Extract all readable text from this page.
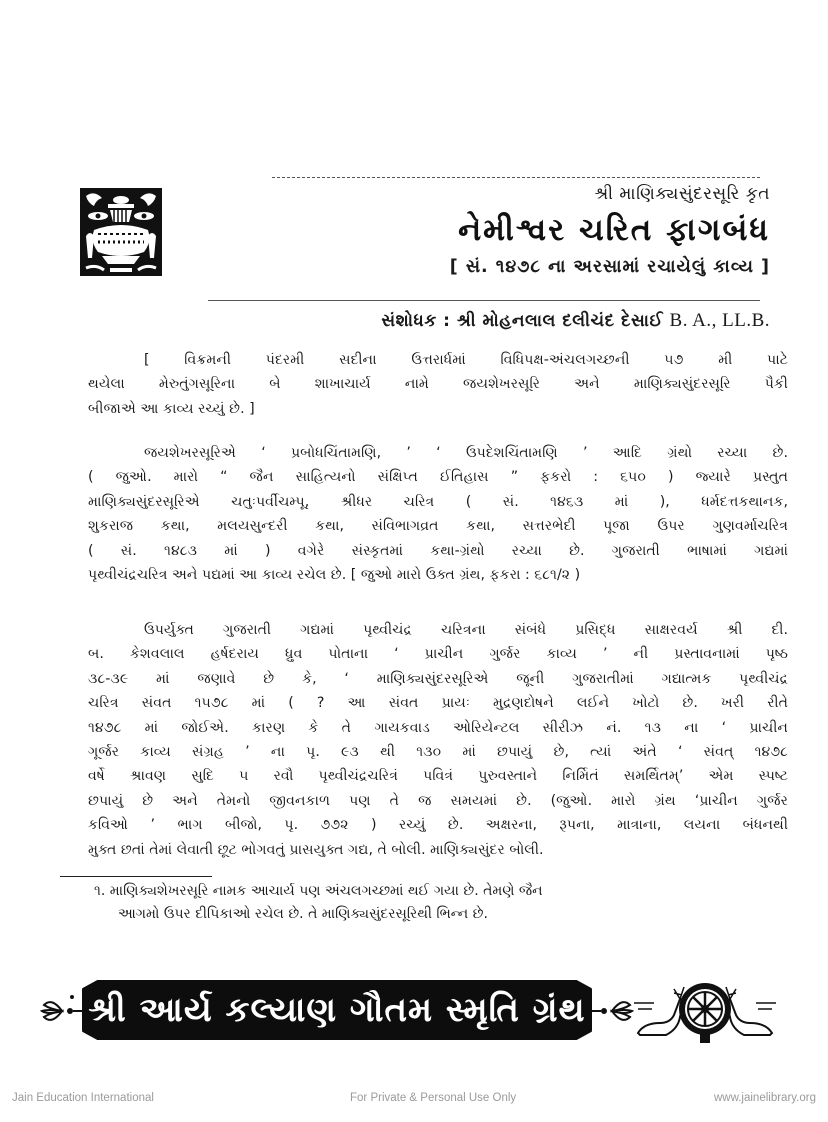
શ્રી માણિક્યસુંદરસૂરિ કૃત
નેમીશ્વર ચરિત ફાગબંધ
[ સં. ૧૪૭૮ ના અરસામાં રચાયેલું કાવ્ય ]
સંશોધક : શ્રી મોહનલાલ દલીચંદ દેસાઈ B. A., LL.B.
[ વિક્રમની પંદરમી સદીના ઉત્તરાર્ધમાં વિધિપક્ષ-અંચલગચ્છની ૫૭ મી પાટે
થયેલા મેરુતુંગસૂરિના બે શાખાચાર્ય નામે જયશેખરસૂરિ અને માણિક્યસુંદરસૂરિ પૈકી
બીજાએ આ કાવ્ય રચ્યું છે. ]
જયશેખરસૂરિએ ‘ પ્રબોધચિંતામણિ, ’ ‘ ઉપદેશચિંતામણિ ’ આદિ ગ્રંથો રચ્યા છે.
( જુઓ. મારો “ જૈન સાહિત્યનો સંક્ષિપ્ત ઈતિહાસ ” ફકરો : ૬૫૦ ) જ્યારે પ્રસ્તુત
માણિક્યસુંદરસૂરિએ ચતુઃપર્વીચમ્પૂ, શ્રીધર ચરિત્ર ( સં. ૧૪૬૩ માં ), ધર્મદત્તકથાનક,
શુકરાજ કથા, મલયસુન્દરી કથા, સંવિભાગવ્રત કથા, સત્તરભેદી પૂજા ઉપર ગુણવર્માચરિત્ર
( સં. ૧૪૮૩ માં ) વગેરે સંસ્કૃતમાં કથા-ગ્રંથો રચ્યા છે. ગુજરાતી ભાષામાં ગદ્યમાં
પૃથ્વીચંદ્રચરિત્ર અને પદ્યમાં આ કાવ્ય રચેલ છે. [ જુઓ મારો ઉક્ત ગ્રંથ, ફકરા : ૬૮૧/૨ )
ઉપર્યુક્ત ગુજરાતી ગદ્યમાં પૃથ્વીચંદ્ર ચરિત્રના સંબંધે પ્રસિદ્ધ સાક્ષરવર્ય શ્રી દી.
બ. કેશવલાલ હર્ષદરાય ધ્રુવ પોતાના ‘ પ્રાચીન ગુર્જર કાવ્ય ’ ની પ્રસ્તાવનામાં પૃષ્ઠ
૩૮-૩૯ માં જણાવે છે કે, ‘ માણિક્યસુંદરસૂરિએ જૂની ગુજરાતીમાં ગદ્યાત્મક પૃથ્વીચંદ્ર
ચરિત્ર સંવત ૧૫૭૮ માં ( ? આ સંવત પ્રાયઃ મુદ્રણદોષને લઈને ખોટો છે. ખરી રીતે
૧૪૭૮ માં જોઈએ. કારણ કે તે ગાયકવાડ ઓરિયેન્ટલ સીરીઝ નં. ૧૩ ના ‘ પ્રાચીન
ગૂર્જર કાવ્ય સંગ્રહ ’ ના પૃ. ૯૩ થી ૧૩૦ માં છપાયું છે, ત્યાં અંતે ‘ સંવત્ ૧૪૭૮
વર્ષે શ્રાવણ સુદિ ૫ રવૌ પૃથ્વીચંદ્રચરિત્રં પવિત્રં પુરુવસ્તાને નિર્મિતં સમર્થિતમ્’ એમ સ્પષ્ટ
છપાયું છે અને તેમનો જીવનકાળ પણ તે જ સમયમાં છે. (જુઓ. મારો ગ્રંથ ‘પ્રાચીન ગુર્જર
કવિઓ ’ ભાગ બીજો, પૃ. ૭૭૨ ) રચ્યું છે. અક્ષરના, રૂપના, માત્રાના, લયના બંધનથી
મુક્ત છતાં તેમાં લેવાતી છૂટ ભોગવતું પ્રાસયુક્ત ગદ્ય, તે બોલી. માણિક્યસુંદર બોલી.
૧. માણિક્યશેખરસૂરિ નામક આચાર્ય પણ અંચલગચ્છમાં થઈ ગયા છે. તેમણે જૈન
આગમો ઉપર દીપિકાઓ રચેલ છે. તે માણિક્યસુંદરસૂરિથી ભિન્ન છે.
શ્રી આર્ય કલ્યાણ ગૌતમ સ્મૃતિ ગ્રંથ
Jain Education International	For Private & Personal Use Only	www.jainelibrary.org
